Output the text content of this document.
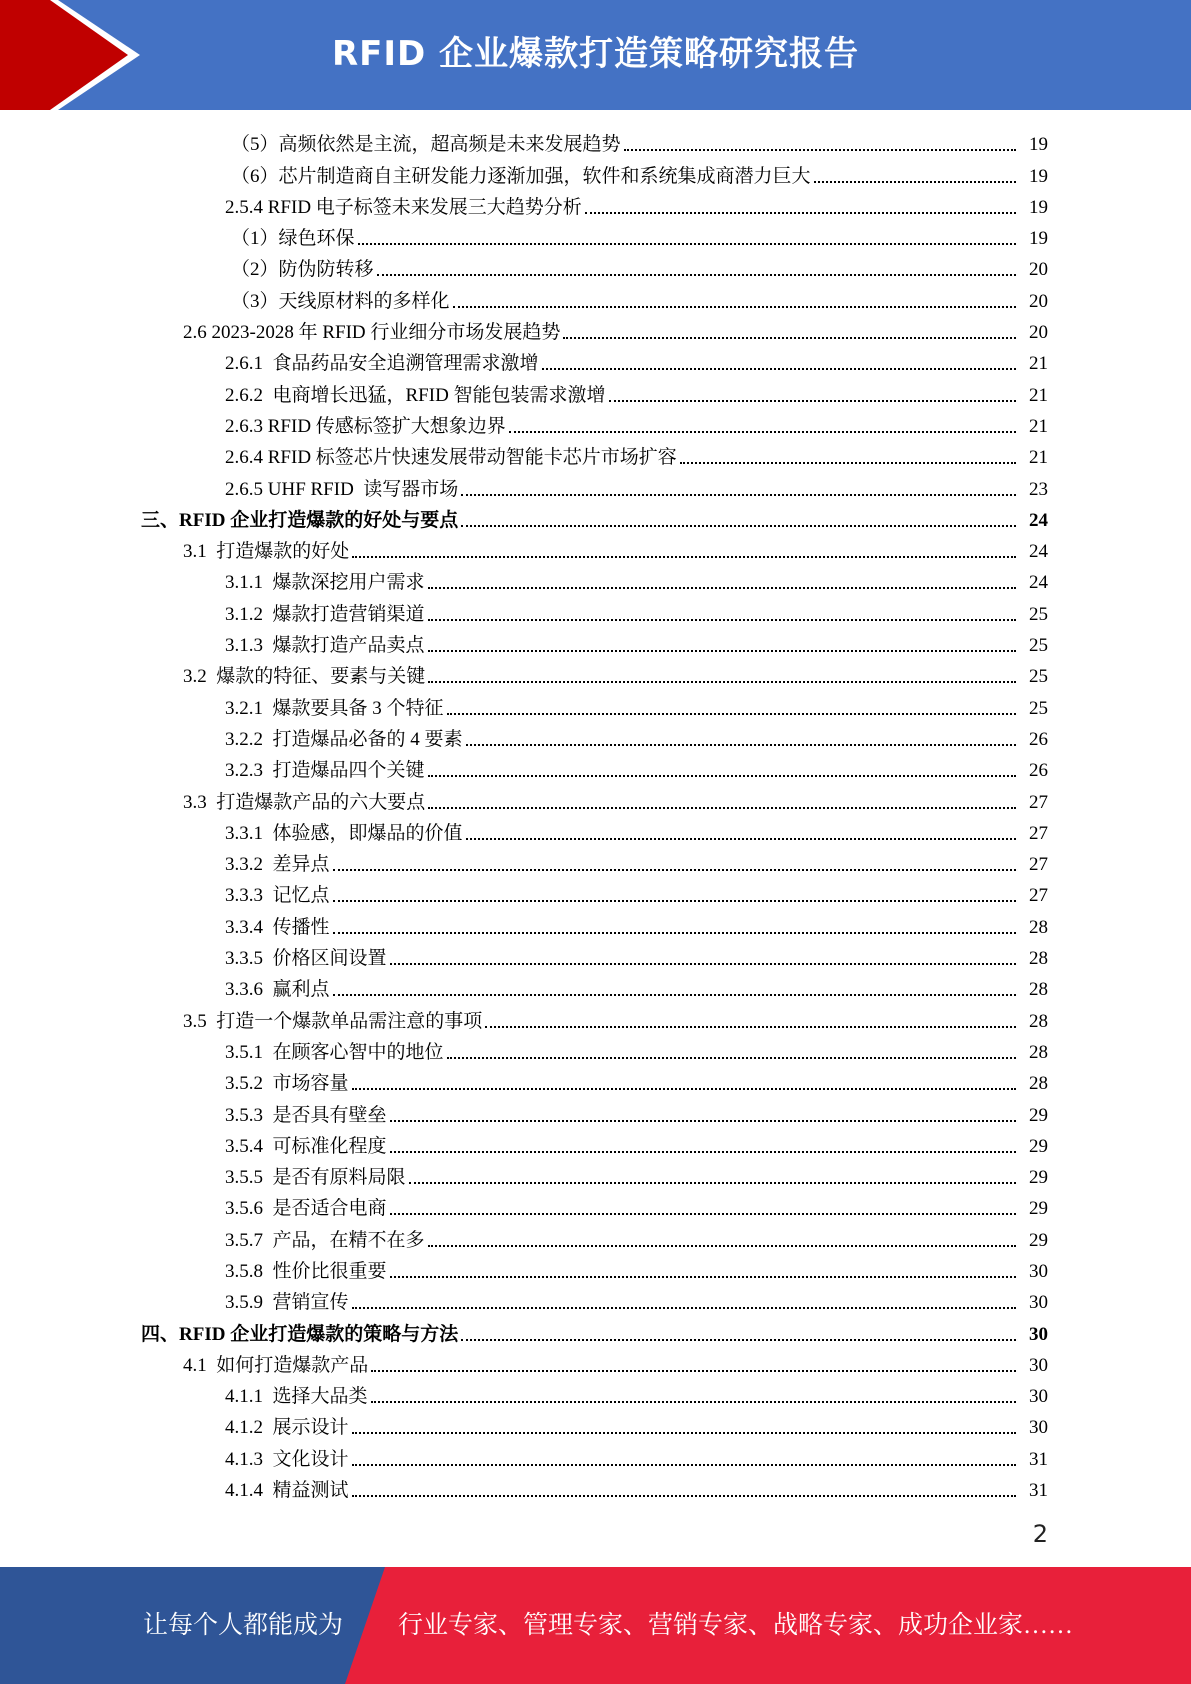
RFID 企业爆款打造策略研究报告
（5）高频依然是主流，超高频是未来发展趋势	19
（6）芯片制造商自主研发能力逐渐加强，软件和系统集成商潜力巨大	19
2.5.4 RFID 电子标签未来发展三大趋势分析	19
（1）绿色环保	19
（2）防伪防转移	20
（3）天线原材料的多样化	20
2.6 2023-2028 年 RFID 行业细分市场发展趋势	20
2.6.1  食品药品安全追溯管理需求激增	21
2.6.2  电商增长迅猛，RFID 智能包装需求激增	21
2.6.3 RFID 传感标签扩大想象边界	21
2.6.4 RFID 标签芯片快速发展带动智能卡芯片市场扩容	21
2.6.5 UHF RFID  读写器市场	23
三、RFID 企业打造爆款的好处与要点	24
3.1  打造爆款的好处	24
3.1.1  爆款深挖用户需求	24
3.1.2  爆款打造营销渠道	25
3.1.3  爆款打造产品卖点	25
3.2  爆款的特征、要素与关键	25
3.2.1  爆款要具备 3 个特征	25
3.2.2  打造爆品必备的 4 要素	26
3.2.3  打造爆品四个关键	26
3.3  打造爆款产品的六大要点	27
3.3.1  体验感，即爆品的价值	27
3.3.2  差异点	27
3.3.3  记忆点	27
3.3.4  传播性	28
3.3.5  价格区间设置	28
3.3.6  赢利点	28
3.5  打造一个爆款单品需注意的事项	28
3.5.1  在顾客心智中的地位	28
3.5.2  市场容量	28
3.5.3  是否具有壁垒	29
3.5.4  可标准化程度	29
3.5.5  是否有原料局限	29
3.5.6  是否适合电商	29
3.5.7  产品，在精不在多	29
3.5.8  性价比很重要	30
3.5.9  营销宣传	30
四、RFID 企业打造爆款的策略与方法	30
4.1  如何打造爆款产品	30
4.1.1  选择大品类	30
4.1.2  展示设计	30
4.1.3  文化设计	31
4.1.4  精益测试	31
2
让每个人都能成为 行业专家、管理专家、营销专家、战略专家、成功企业家……
